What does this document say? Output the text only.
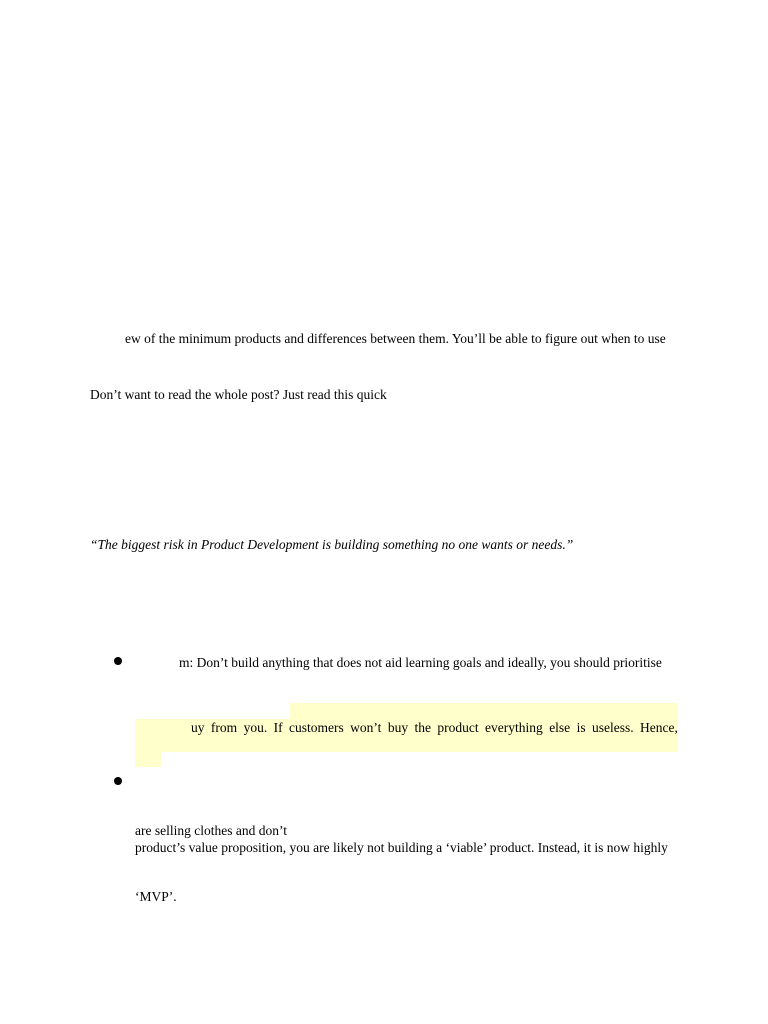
ew of the minimum products and differences between them. You’ll be able to figure out when to use
Don’t want to read the whole post? Just read this quick
“The biggest risk in Product Development is building something no one wants or needs.”
m: Don’t build anything that does not aid learning goals and ideally, you should prioritise
uy from you. If customers won’t buy the product everything else is useless. Hence,
are selling clothes and don’t
product’s value proposition, you are likely not building a ‘viable’ product. Instead, it is now highly
‘MVP’.
